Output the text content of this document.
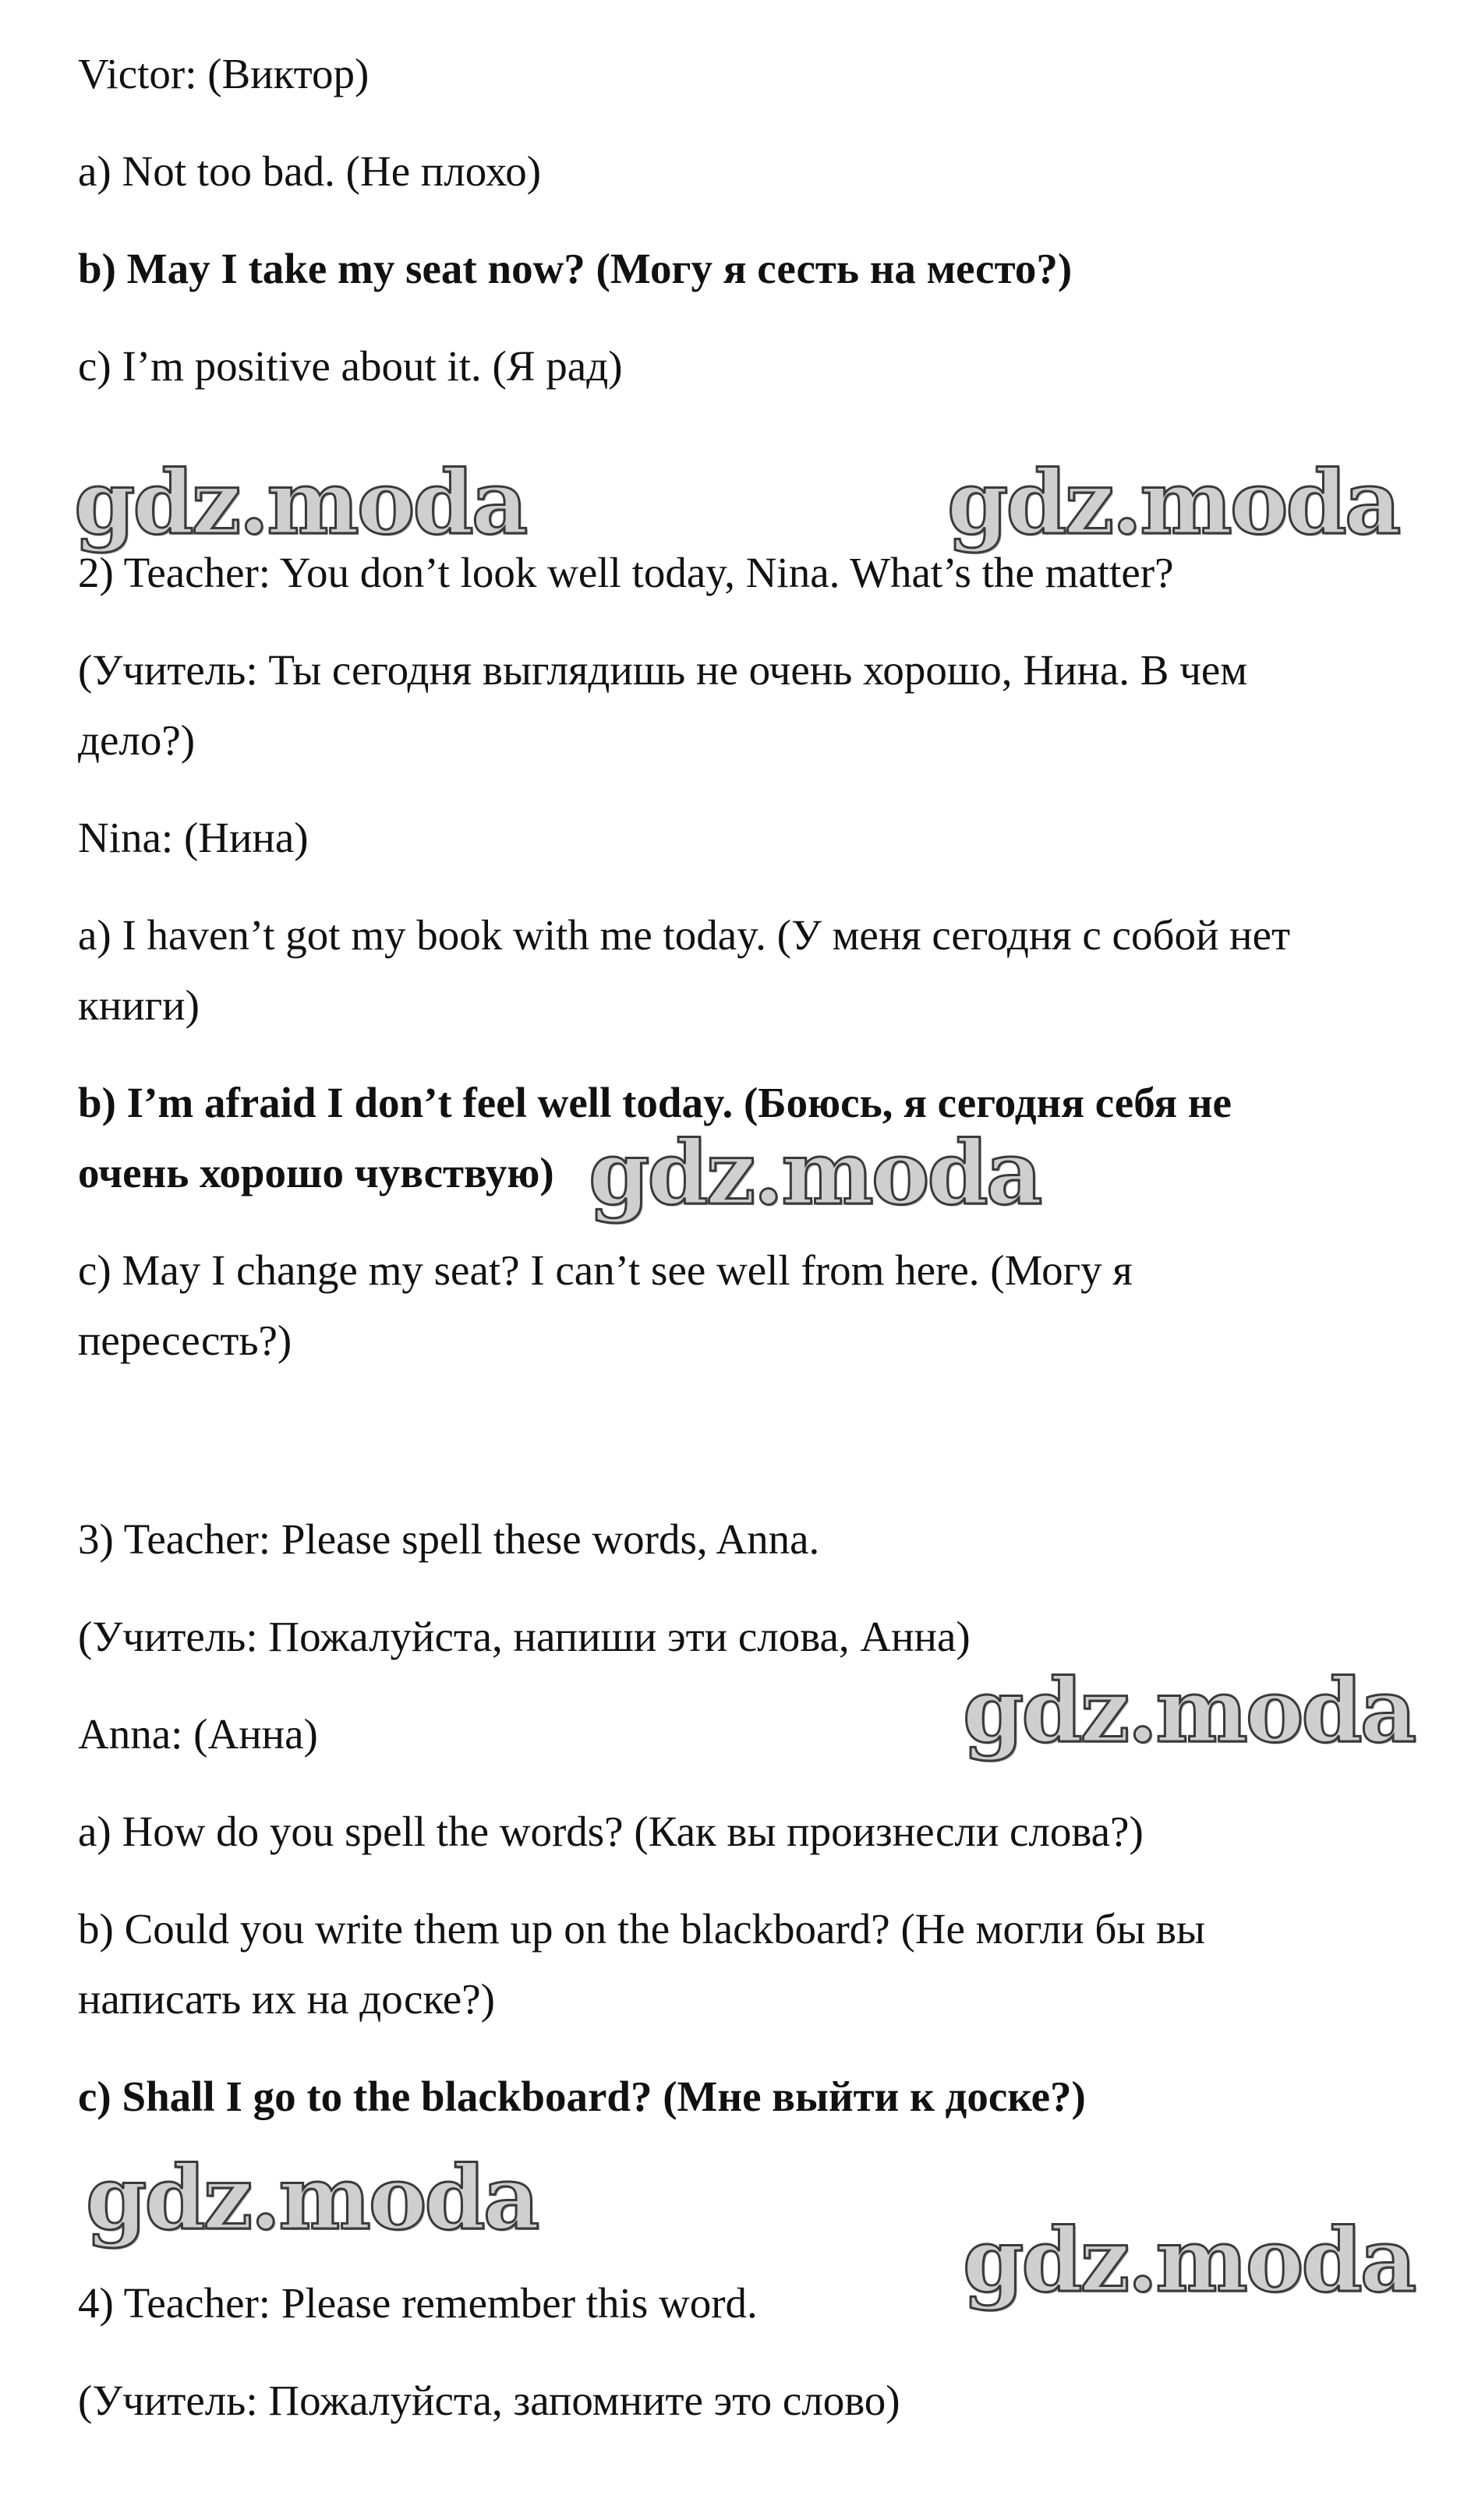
Victor: (Виктор)

a) Not too bad. (Не плохо)

b) May I take my seat now? (Могу я сесть на место?)

c) I’m positive about it. (Я рад)

2) Teacher: You don’t look well today, Nina. What’s the matter?

(Учитель: Ты сегодня выглядишь не очень хорошо, Нина. В чем

дело?)

Nina: (Нина)

a) I haven’t got my book with me today. (У меня сегодня с собой нет

книги)

b) I’m afraid I don’t feel well today. (Боюсь, я сегодня себя не

очень хорошо чувствую)

c) May I change my seat? I can’t see well from here. (Могу я

пересесть?)

3) Teacher: Please spell these words, Anna.

(Учитель: Пожалуйста, напиши эти слова, Анна)

Anna: (Анна)

a) How do you spell the words? (Как вы произнесли слова?)

b) Could you write them up on the blackboard? (Не могли бы вы

написать их на доске?)

c) Shall I go to the blackboard? (Мне выйти к доске?)

4) Teacher: Please remember this word.

(Учитель: Пожалуйста, запомните это слово)

gdz.moda	gdz.moda
gdz.moda
gdz.moda
gdz.moda
gdz.moda
